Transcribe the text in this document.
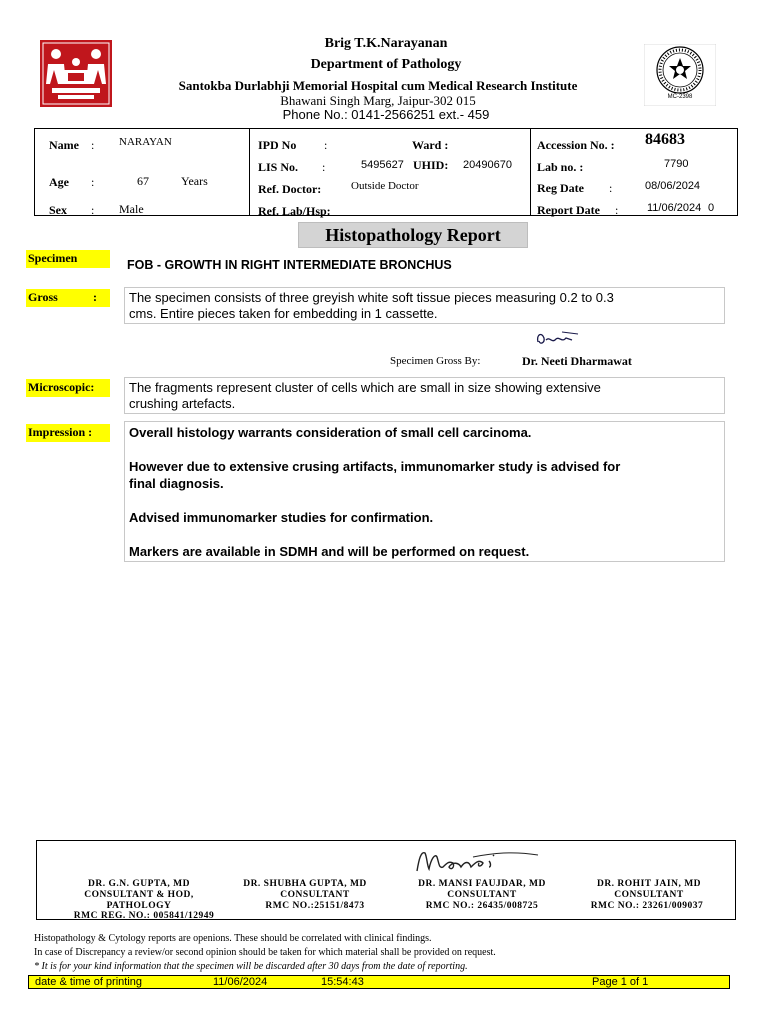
MC-2398
Brig T.K.Narayanan
Department of Pathology
Santokba Durlabhji Memorial Hospital cum Medical Research Institute
Bhawani Singh Marg, Jaipur-302 015
Phone No.: 0141-2566251 ext.- 459
Name : NARAYAN
Age :	67	Years
Sex : Male
IPD No :	Ward :
LIS No. :	5495627 UHID: 20490670
Ref. Doctor:	Outside Doctor
Ref. Lab/Hsp:
Accession No. : 84683
Lab no. :	7790
Reg Date :	08/06/2024
Report Date :	11/06/2024 0
Histopathology Report
Specimen	FOB - GROWTH IN RIGHT INTERMEDIATE BRONCHUS
Gross	: The specimen consists of three greyish white soft tissue pieces measuring 0.2 to 0.3
cms. Entire pieces taken for embedding in 1 cassette.
Specimen Gross By:	Dr. Neeti Dharmawat
Microscopic:	The fragments represent cluster of cells which are small in size showing extensive
crushing artefacts.
Impression :	Overall histology warrants consideration of small cell carcinoma.
However due to extensive crusing artifacts, immunomarker study is advised for
final diagnosis.
Advised immunomarker studies for confirmation.
Markers are available in SDMH and will be performed on request.
DR. G.N. GUPTA, MD
CONSULTANT & HOD,
PATHOLOGY
RMC REG. NO.: 005841/12949
DR. SHUBHA GUPTA, MD
CONSULTANT
RMC NO.:25151/8473
DR. MANSI FAUJDAR, MD
CONSULTANT
RMC NO.: 26435/008725
DR. ROHIT JAIN, MD
CONSULTANT
RMC NO.: 23261/009037
Histopathology & Cytology reports are openions. These should be correlated with clinical findings.
In case of Discrepancy a review/or second opinion should be taken for which material shall be provided on request.
* It is for your kind information that the specimen will be discarded after 30 days from the date of reporting.
date & time of printing	11/06/2024	15:54:43	Page 1 of 1
